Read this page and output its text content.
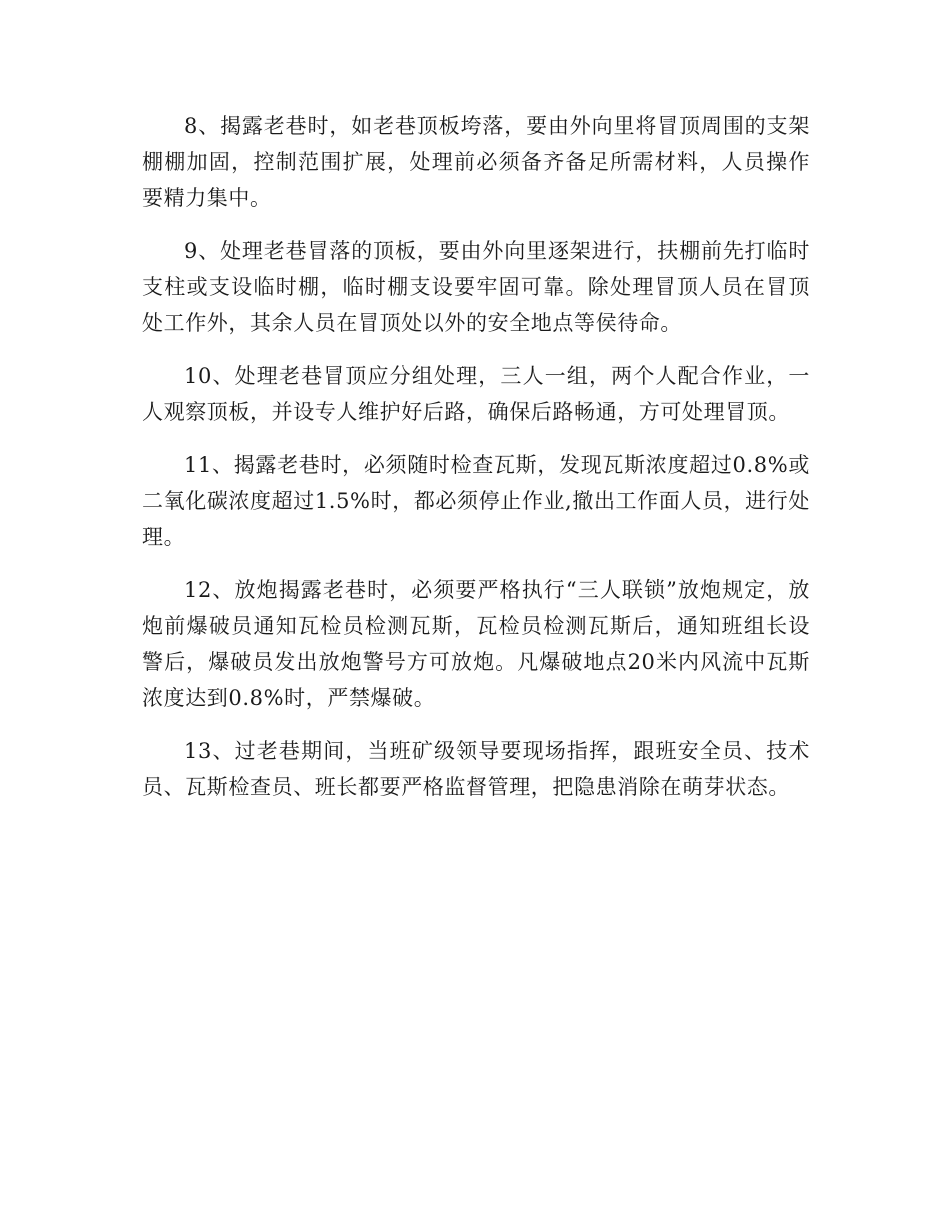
8、揭露老巷时，如老巷顶板垮落，要由外向里将冒顶周围的支架棚棚加固，控制范围扩展，处理前必须备齐备足所需材料，人员操作要精力集中。

9、处理老巷冒落的顶板，要由外向里逐架进行，扶棚前先打临时支柱或支设临时棚，临时棚支设要牢固可靠。除处理冒顶人员在冒顶处工作外，其余人员在冒顶处以外的安全地点等侯待命。

10、处理老巷冒顶应分组处理，三人一组，两个人配合作业，一人观察顶板，并设专人维护好后路，确保后路畅通，方可处理冒顶。

11、揭露老巷时，必须随时检查瓦斯，发现瓦斯浓度超过0.8%或二氧化碳浓度超过1.5%时，都必须停止作业,撤出工作面人员，进行处理。

12、放炮揭露老巷时，必须要严格执行“三人联锁”放炮规定，放炮前爆破员通知瓦检员检测瓦斯，瓦检员检测瓦斯后，通知班组长设警后，爆破员发出放炮警号方可放炮。凡爆破地点20米内风流中瓦斯浓度达到0.8%时，严禁爆破。

13、过老巷期间，当班矿级领导要现场指挥，跟班安全员、技术员、瓦斯检查员、班长都要严格监督管理，把隐患消除在萌芽状态。
